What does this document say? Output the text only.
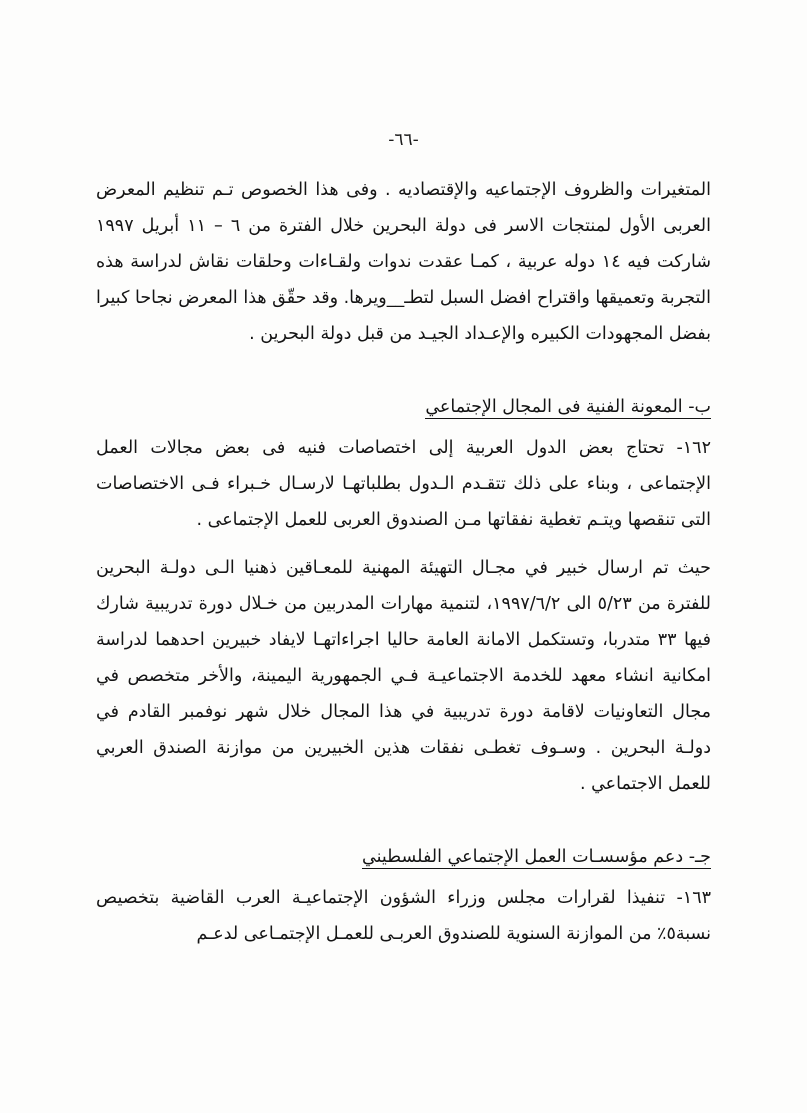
-٦٦-

المتغيرات والظروف الإجتماعيه والإقتصاديه . وفى هذا الخصوص تـم تنظيم المعرض العربى الأول لمنتجات الاسر فى دولة البحرين خلال الفترة من ٦ – ١١ أبريل ١٩٩٧ شاركت فيه ١٤ دوله عربية ، كمـا عقدت ندوات ولقـاءات وحلقات نقاش لدراسة هذه التجربة وتعميقها واقتراح افضل السبل لتطـ__ويرها. وقد حقّق هذا المعرض نجاحا كبيرا بفضل المجهودات الكبيره والإعـداد الجيـد من قبل دولة البحرين .

ب- المعونة الفنية فى المجال الإجتماعي

١٦٢- تحتاج بعض الدول العربية إلى اختصاصات فنيه فى بعض مجالات العمل الإجتماعى ، وبناء على ذلك تتقـدم الـدول بطلباتهـا لارسـال خـبراء فـى الاختصاصات التى تنقصها ويتـم تغطية نفقاتها مـن الصندوق العربى للعمل الإجتماعى .

حيث تم ارسال خبير في مجـال التهيئة المهنية للمعـاقين ذهنيا الـى دولـة البحرين للفترة من ٥/٢٣ الى ١٩٩٧/٦/٢، لتنمية مهارات المدربين من خـلال دورة تدريبية شارك فيها ٣٣ متدربا، وتستكمل الامانة العامة حاليا اجراءاتهـا لايفاد خبيرين احدهما لدراسة امكانية انشاء معهد للخدمة الاجتماعيـة فـي الجمهورية اليمينة، والأخر متخصص في مجال التعاونيات لاقامة دورة تدريبية في هذا المجال خلال شهر نوفمبر القادم في دولـة البحرين . وسـوف تغطـى نفقات هذين الخبيرين من موازنة الصندق العربي للعمل الاجتماعي .

جـ- دعم مؤسسـات العمل الإجتماعي الفلسطيني

١٦٣- تنفيذا لقرارات مجلس وزراء الشؤون الإجتماعيـة العرب القاضية بتخصيص نسبة٥٪ من الموازنة السنوية للصندوق العربـى للعمـل الإجتمـاعى لدعـم
